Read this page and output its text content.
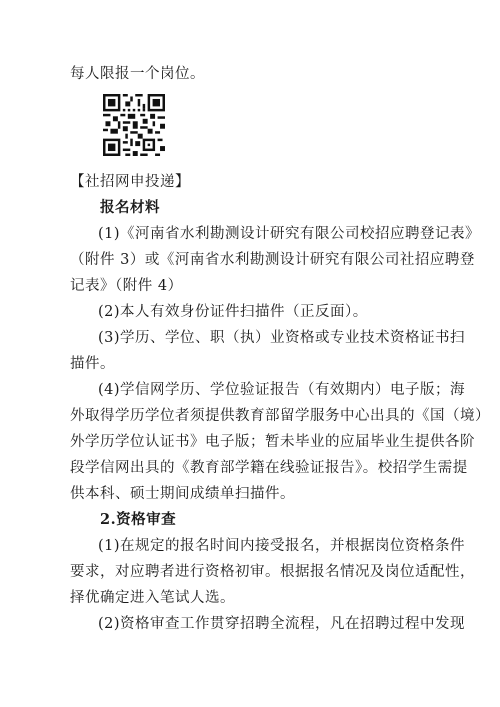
每人限报一个岗位。
【社招网申投递】
报名材料
(1)《河南省水利勘测设计研究有限公司校招应聘登记表》
（附件 3）或《河南省水利勘测设计研究有限公司社招应聘登
记表》（附件 4）
(2)本人有效身份证件扫描件（正反面）。
(3)学历、学位、职（执）业资格或专业技术资格证书扫
描件。
(4)学信网学历、学位验证报告（有效期内）电子版；海
外取得学历学位者须提供教育部留学服务中心出具的《国（境）
外学历学位认证书》电子版；暂未毕业的应届毕业生提供各阶
段学信网出具的《教育部学籍在线验证报告》。校招学生需提
供本科、硕士期间成绩单扫描件。
2.资格审查
(1)在规定的报名时间内接受报名，并根据岗位资格条件
要求，对应聘者进行资格初审。根据报名情况及岗位适配性，
择优确定进入笔试人选。
(2)资格审查工作贯穿招聘全流程，凡在招聘过程中发现
